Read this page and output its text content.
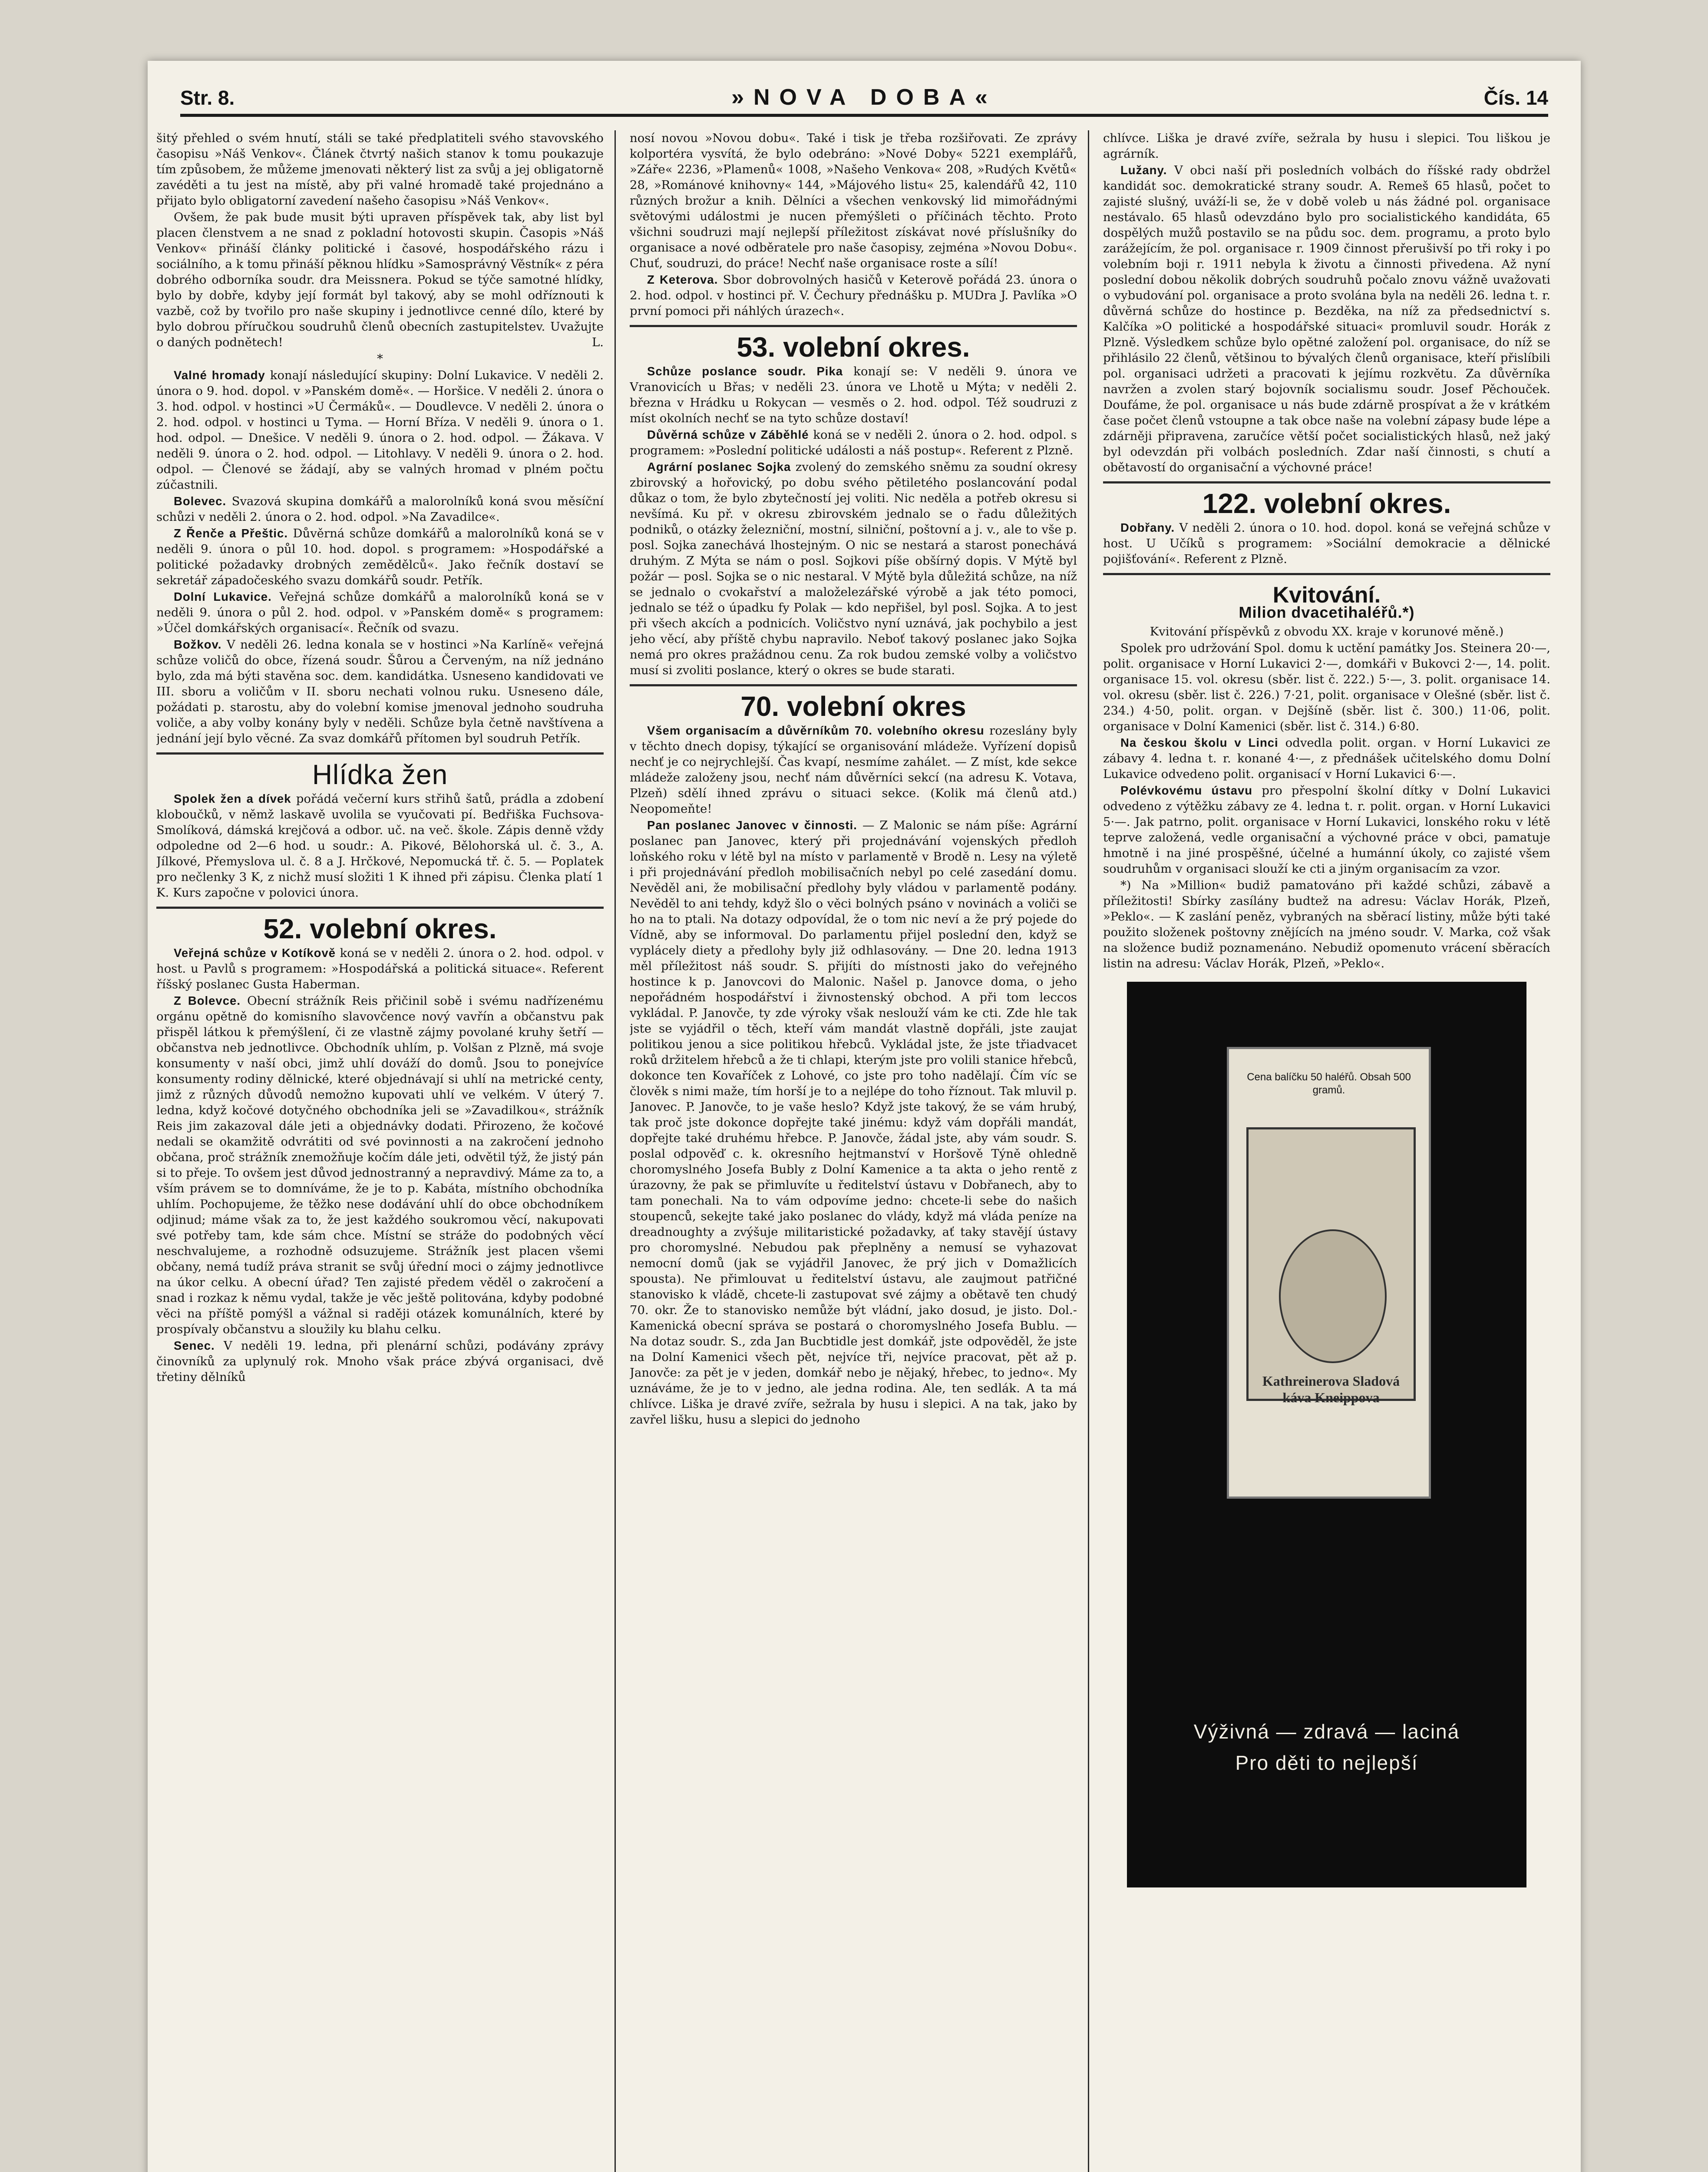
Str. 8.	»NOVA DOBA«	Čís. 14

šitý přehled o svém hnutí, stáli se také předplatiteli svého stavovského časopisu »Náš Venkov«. Článek čtvrtý našich stanov k tomu poukazuje tím způsobem, že můžeme jmenovati některý list za svůj a jej obligatorně zavéděti a tu jest na místě, aby při valné hromadě také projednáno a přijato bylo obligatorní zavedení našeho časopisu »Náš Venkov«.

Ovšem, že pak bude musit býti upraven příspěvek tak, aby list byl placen členstvem a ne snad z pokladní hotovosti skupin. Časopis »Náš Venkov« přináší články politické i časové, hospodářského rázu i sociálního, a k tomu přináší pěknou hlídku »Samosprávný Věstník« z péra dobrého odborníka soudr. dra Meissnera. Pokud se týče samotné hlídky, bylo by dobře, kdyby její formát byl takový, aby se mohl odříznouti k vazbě, což by tvořilo pro naše skupiny i jednotlivce cenné dílo, které by bylo dobrou příručkou soudruhů členů obecních zastupitelstev. Uvažujte o daných podnětech!	L.

*

Valné hromady konají následující skupiny: Dolní Lukavice. V neděli 2. února o 9. hod. dopol. v »Panském domě«. — Horšice. V neděli 2. února o 3. hod. odpol. v hostinci »U Čermáků«. — Doudlevce. V neděli 2. února o 2. hod. odpol. v hostinci u Tyma. — Horní Bříza. V neděli 9. února o 1. hod. odpol. — Dnešice. V neděli 9. února o 2. hod. odpol. — Žákava. V neděli 9. února o 2. hod. odpol. — Litohlavy. V neděli 9. února o 2. hod. odpol. — Členové se žádají, aby se valných hromad v plném počtu zúčastnili.

Bolevec. Svazová skupina domkářů a malorolníků koná svou měsíční schůzi v neděli 2. února o 2. hod. odpol. »Na Zavadilce«.

Z Řenče a Přeštic. Důvěrná schůze domkářů a malorolníků koná se v neděli 9. února o půl 10. hod. dopol. s programem: »Hospodářské a politické požadavky drobných zemědělců«. Jako řečník dostaví se sekretář západočeského svazu domkářů soudr. Petřík.

Dolní Lukavice. Veřejná schůze domkářů a malorolníků koná se v neděli 9. února o půl 2. hod. odpol. v »Panském domě« s programem: »Účel domkářských organisací«. Řečník od svazu.

Božkov. V neděli 26. ledna konala se v hostinci »Na Karlíně« veřejná schůze voličů do obce, řízená soudr. Šůrou a Červeným, na níž jednáno bylo, zda má býti stavěna soc. dem. kandidátka. Usneseno kandidovati ve III. sboru a voličům v II. sboru nechati volnou ruku. Usneseno dále, požádati p. starostu, aby do volební komise jmenoval jednoho soudruha voliče, a aby volby konány byly v neděli. Schůze byla četně navštívena a jednání její bylo věcné. Za svaz domkářů přítomen byl soudruh Petřík.

Hlídka žen

Spolek žen a dívek pořádá večerní kurs střihů šatů, prádla a zdobení kloboučků, v němž laskavě uvolila se vyučovati pí. Bedřiška Fuchsova-Smolíková, dámská krejčová a odbor. uč. na več. škole. Zápis denně vždy odpoledne od 2—6 hod. u soudr.: A. Pikové, Bělohorská ul. č. 3., A. Jílkové, Přemyslova ul. č. 8 a J. Hrčkové, Nepomucká tř. č. 5. — Poplatek pro nečlenky 3 K, z nichž musí složiti 1 K ihned při zápisu. Členka platí 1 K. Kurs započne v polovici února.

52. volební okres.

Veřejná schůze v Kotíkově koná se v neděli 2. února o 2. hod. odpol. v host. u Pavlů s programem: »Hospodářská a politická situace«. Referent říšský poslanec Gusta Haberman.

Z Bolevce. Obecní strážník Reis přičinil sobě i svému nadřízenému orgánu opětně do komisního slavovčence nový vavřín a občanstvu pak přispěl látkou k přemýšlení, či ze vlastně zájmy povolané kruhy šetří — občanstva neb jednotlivce. Obchodník uhlím, p. Volšan z Plzně, má svoje konsumenty v naší obci, jimž uhlí dováží do domů. Jsou to ponejvíce konsumenty rodiny dělnické, které objednávají si uhlí na metrické centy, jimž z různých důvodů nemožno kupovati uhlí ve velkém. V úterý 7. ledna, když kočové dotyčného obchodníka jeli se »Zavadilkou«, strážník Reis jim zakazoval dále jeti a objednávky dodati. Přirozeno, že kočové nedali se okamžitě odvrátiti od své povinnosti a na zakročení jednoho občana, proč strážník znemožňuje kočím dále jeti, odvětil týž, že jistý pán si to přeje. To ovšem jest důvod jednostranný a nepravdivý. Máme za to, a vším právem se to domníváme, že je to p. Kabáta, místního obchodníka uhlím. Pochopujeme, že těžko nese dodávání uhlí do obce obchodníkem odjinud; máme však za to, že jest každého soukromou věcí, nakupovati své potřeby tam, kde sám chce. Místní se stráže do podobných věcí neschvalujeme, a rozhodně odsuzujeme. Strážník jest placen všemi občany, nemá tudíž práva stranit se svůj úřední moci o zájmy jednotlivce na úkor celku. A obecní úřad? Ten zajisté předem věděl o zakročení a snad i rozkaz k němu vydal, takže je věc ještě politována, kdyby podobné věci na příště pomýšl a vážnal si raději otázek komunálních, které by prospívaly občanstvu a sloužily ku blahu celku.

Senec. V neděli 19. ledna, při plenární schůzi, podávány zprávy činovníků za uplynulý rok. Mnoho však práce zbývá organisaci, dvě třetiny dělníků

nosí novou »Novou dobu«. Také i tisk je třeba rozšiřovati. Ze zprávy kolportéra vysvítá, že bylo odebráno: »Nové Doby« 5221 exemplářů, »Záře« 2236, »Plamenů« 1008, »Našeho Venkova« 208, »Rudých Květů« 28, »Románové knihovny« 144, »Májového listu« 25, kalendářů 42, 110 různých brožur a knih. Dělníci a všechen venkovský lid mimořádnými světovými událostmi je nucen přemýšleti o příčinách těchto. Proto všichni soudruzi mají nejlepší příležitost získávat nové příslušníky do organisace a nové odběratele pro naše časopisy, zejména »Novou Dobu«. Chuť, soudruzi, do práce! Nechť naše organisace roste a sílí!

Z Keterova. Sbor dobrovolných hasičů v Keterově pořádá 23. února o 2. hod. odpol. v hostinci př. V. Čechury přednášku p. MUDra J. Pavlíka »O první pomoci při náhlých úrazech«.

53. volební okres.

Schůze poslance soudr. Pika konají se: V neděli 9. února ve Vranovicích u Břas; v neděli 23. února ve Lhotě u Mýta; v neděli 2. března v Hrádku u Rokycan — vesměs o 2. hod. odpol. Též soudruzi z míst okolních nechť se na tyto schůze dostaví!

Důvěrná schůze v Záběhlé koná se v neděli 2. února o 2. hod. odpol. s programem: »Poslední politické události a náš postup«. Referent z Plzně.

Agrární poslanec Sojka zvolený do zemského sněmu za soudní okresy zbirovský a hořovický, po dobu svého pětiletého poslancování podal důkaz o tom, že bylo zbytečností jej voliti. Nic neděla a potřeb okresu si nevšímá. Ku př. v okresu zbirovském jednalo se o řadu důležitých podniků, o otázky železniční, mostní, silniční, poštovní a j. v., ale to vše p. posl. Sojka zanechává lhostejným. O nic se nestará a starost ponechává druhým. Z Mýta se nám o posl. Sojkovi píše obšírný dopis. V Mýtě byl požár — posl. Sojka se o nic nestaral. V Mýtě byla důležitá schůze, na níž se jednalo o cvokařství a maloželezářské výrobě a jak této pomoci, jednalo se též o úpadku fy Polak — kdo nepřišel, byl posl. Sojka. A to jest při všech akcích a podnicích. Voličstvo nyní uznává, jak pochybilo a jest jeho věcí, aby příště chybu napravilo. Neboť takový poslanec jako Sojka nemá pro okres pražádnou cenu. Za rok budou zemské volby a voličstvo musí si zvoliti poslance, který o okres se bude starati.

70. volební okres

Všem organisacím a důvěrníkům 70. volebního okresu rozeslány byly v těchto dnech dopisy, týkající se organisování mládeže. Vyřízení dopisů nechť je co nejrychlejší. Čas kvapí, nesmíme zahálet. — Z míst, kde sekce mládeže založeny jsou, nechť nám důvěrníci sekcí (na adresu K. Votava, Plzeň) sdělí ihned zprávu o situaci sekce. (Kolik má členů atd.) Neopomeňte!

Pan poslanec Janovec v činnosti. — Z Malonic se nám píše: Agrární poslanec pan Janovec, který při projednávání vojenských předloh loňského roku v létě byl na místo v parlamentě v Brodě n. Lesy na výletě i při projednávání předloh mobilisačních nebyl po celé zasedání domu. Nevěděl ani, že mobilisační předlohy byly vládou v parlamentě podány. Nevěděl to ani tehdy, když šlo o věci bolných psáno v novinách a voliči se ho na to ptali. Na dotazy odpovídal, že o tom nic neví a že prý pojede do Vídně, aby se informoval. Do parlamentu přijel poslední den, když se vyplácely diety a předlohy byly již odhlasovány. — Dne 20. ledna 1913 měl příležitost náš soudr. S. přijíti do místnosti jako do veřejného hostince k p. Janovcovi do Malonic. Našel p. Janovce doma, o jeho nepořádném hospodářství i živnostenský obchod. A při tom leccos vykládal. P. Janovče, ty zde výroky však neslouží vám ke cti. Zde hle tak jste se vyjádřil o těch, kteří vám mandát vlastně dopřáli, jste zaujat politikou jenou a sice politikou hřebců. Vykládal jste, že jste třiadvacet roků držitelem hřebců a že ti chlapi, kterým jste pro volili stanice hřebců, dokonce ten Kovaříček z Lohové, co jste pro toho nadělají. Čím víc se člověk s nimi maže, tím horší je to a nejlépe do toho říznout. Tak mluvil p. Janovec. P. Janovče, to je vaše heslo? Když jste takový, že se vám hrubý, tak proč jste dokonce dopřejte také jinému: když vám dopřáli mandát, dopřejte také druhému hřebce. P. Janovče, žádal jste, aby vám soudr. S. poslal odpověď c. k. okresního hejtmanství v Horšově Týně ohledně choromyslného Josefa Bubly z Dolní Kamenice a ta akta o jeho rentě z úrazovny, že pak se přimluvíte u ředitelství ústavu v Dobřanech, aby to tam ponechali. Na to vám odpovíme jedno: chcete-li sebe do našich stoupenců, sekejte také jako poslanec do vlády, když má vláda peníze na dreadnoughty a zvýšuje militaristické požadavky, ať taky stavějí ústavy pro choromyslné. Nebudou pak přeplněny a nemusí se vyhazovat nemocní domů (jak se vyjádřil Janovec, že prý jich v Domažlicích spousta). Ne přimlouvat u ředitelství ústavu, ale zaujmout patřičné stanovisko k vládě, chcete-li zastupovat své zájmy a obětavě ten chudý 70. okr. Že to stanovisko nemůže být vládní, jako dosud, je jisto. Dol.-Kamenická obecní správa se postará o choromyslného Josefa Bublu. — Na dotaz soudr. S., zda Jan Bucbtidle jest domkář, jste odpověděl, že jste na Dolní Kamenici všech pět, nejvíce tři, nejvíce pracovat, pět až p. Janovče: za pět je v jeden, domkář nebo je nějaký, hřebec, to jedno«. My uznáváme, že je to v jedno, ale jedna rodina. Ale, ten sedlák. A ta má chlívce. Liška je dravé zvíře, sežrala by husu i slepici. A na tak, jako by zavřel lišku, husu a slepici do jednoho

chlívce. Liška je dravé zvíře, sežrala by husu i slepici. Tou liškou je agrárník.

Lužany. V obci naší při posledních volbách do říšské rady obdržel kandidát soc. demokratické strany soudr. A. Remeš 65 hlasů, počet to zajisté slušný, uváží-li se, že v době voleb u nás žádné pol. organisace nestávalo. 65 hlasů odevzdáno bylo pro socialistického kandidáta, 65 dospělých mužů postavilo se na půdu soc. dem. programu, a proto bylo zarážejícím, že pol. organisace r. 1909 činnost přerušivší po tři roky i po volebním boji r. 1911 nebyla k životu a činnosti přivedena. Až nyní poslední dobou několik dobrých soudruhů počalo znovu vážně uvažovati o vybudování pol. organisace a proto svolána byla na neděli 26. ledna t. r. důvěrná schůze do hostince p. Bezděka, na níž za předsednictví s. Kalčíka »O politické a hospodářské situaci« promluvil soudr. Horák z Plzně. Výsledkem schůze bylo opětné založení pol. organisace, do níž se přihlásilo 22 členů, většinou to bývalých členů organisace, kteří přislíbili pol. organisaci udržeti a pracovati k jejímu rozkvětu. Za důvěrníka navržen a zvolen starý bojovník socialismu soudr. Josef Pěchouček. Doufáme, že pol. organisace u nás bude zdárně prospívat a že v krátkém čase počet členů vstoupne a tak obce naše na volební zápasy bude lépe a zdárněji připravena, zaručíce větší počet socialistických hlasů, než jaký byl odevzdán při volbách posledních. Zdar naší činnosti, s chutí a obětavostí do organisační a výchovné práce!

122. volební okres.

Dobřany. V neděli 2. února o 10. hod. dopol. koná se veřejná schůze v host. U Učíků s programem: »Sociální demokracie a dělnické pojišťování«. Referent z Plzně.

Kvitování.

Milion dvacetihaléřů.*)

Kvitování příspěvků z obvodu XX. kraje v korunové měně.)

Spolek pro udržování Spol. domu k uctění památky Jos. Steinera 20·—, polit. organisace v Horní Lukavici 2·—, domkáři v Bukovci 2·—, 14. polit. organisace 15. vol. okresu (sběr. list č. 222.) 5·—, 3. polit. organisace 14. vol. okresu (sběr. list č. 226.) 7·21, polit. organisace v Olešné (sběr. list č. 234.) 4·50, polit. organ. v Dejšíně (sběr. list č. 300.) 11·06, polit. organisace v Dolní Kamenici (sběr. list č. 314.) 6·80.

Na českou školu v Linci odvedla polit. organ. v Horní Lukavici ze zábavy 4. ledna t. r. konané 4·—, z přednášek učitelského domu Dolní Lukavice odvedeno polit. organisací v Horní Lukavici 6·—.

Polévkovému ústavu pro přespolní školní dítky v Dolní Lukavici odvedeno z výtěžku zábavy ze 4. ledna t. r. polit. organ. v Horní Lukavici 5·—. Jak patrno, polit. organisace v Horní Lukavici, lonského roku v létě teprve založená, vedle organisační a výchovné práce v obci, pamatuje hmotně i na jiné prospěšné, účelné a humánní úkoly, co zajisté všem soudruhům v organisaci slouží ke cti a jiným organisacím za vzor.

*) Na »Million« budiž pamatováno při každé schůzi, zábavě a příležitosti! Sbírky zasílány budtež na adresu: Václav Horák, Plzeň, »Peklo«. — K zaslání peněz, vybraných na sběrací listiny, může býti také použito složenek poštovny znějících na jméno soudr. V. Marka, což však na složence budiž poznamenáno. Nebudiž opomenuto vrácení sběracích listin na adresu: Václav Horák, Plzeň, »Peklo«.

Cena balíčku 50 haléřů. Obsah 500 gramů.
Kathreinerova Sladová káva Kneippova
Výživná — zdravá — laciná
Pro děti to nejlepší
